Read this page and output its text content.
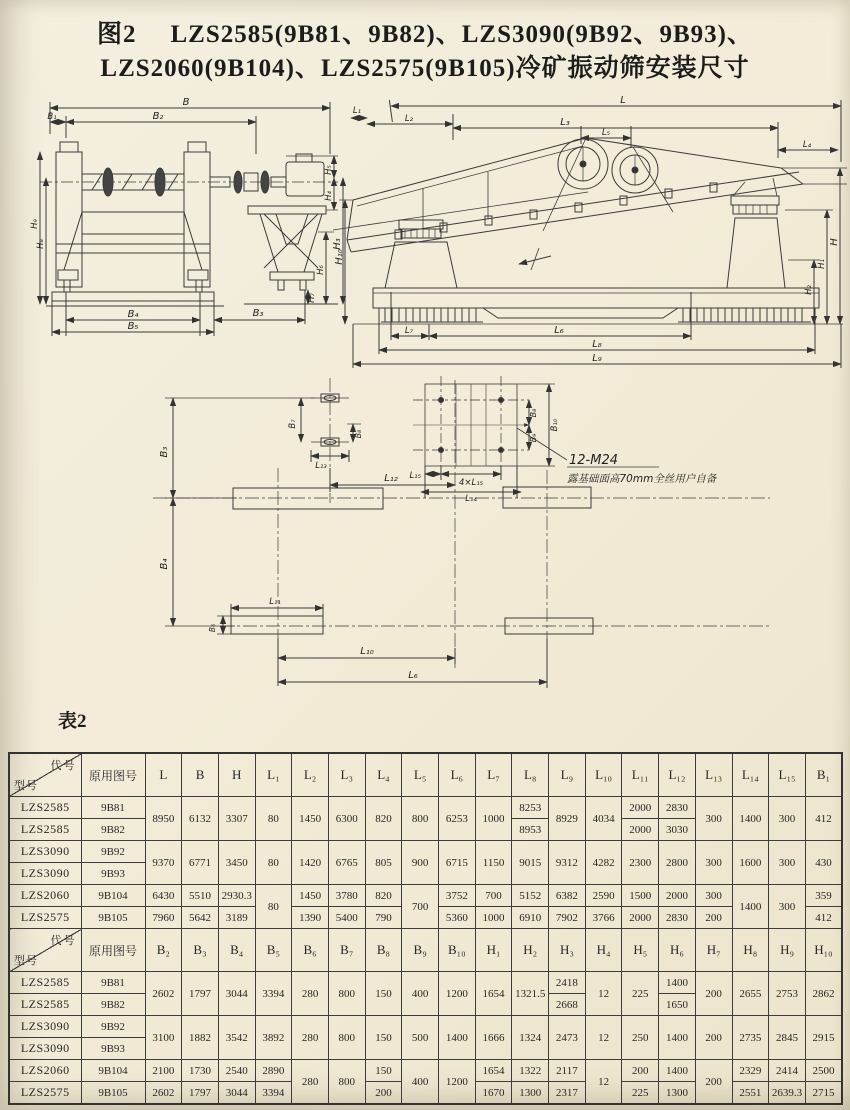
图2 LZS2585(9B81、9B82)、LZS3090(9B92、9B93)、
LZS2060(9B104)、LZS2575(9B105)冷矿振动筛安装尺寸
B
B₁	B₂
H₅
H₄
H₃
H₆
H₇
H₈
H₉
B₄	B₃
B₅
L
L₁
L₂	L₃
L₅
L₄
H₁₀
H
H₁
H₂
L₇	L₆
L₈
L₉
B₇
B₈
L₁₃
B₈
B₉
B₁₀
L₁₅
4×L₁₅
L₁₄
12-M24
露基础面高70mm全丝用户自备
B₃
B₄
L₁₂
L₁₁
B₆
L₁₀
L₆
表2
代号
型号	原用图号	L	B	H	L₁	L₂	L₃	L₄	L₅	L₆	L₇	L₈	L₉	L₁₀	L₁₁	L₁₂	L₁₃	L₁₄	L₁₅	B₁
LZS2585	9B81	8950	6132	3307	80	1450	6300	820	800	6253	1000	8253	8929	4034	2000	2830	300	1400	300	412
LZS2585	9B82											8953			2000	3030				
LZS3090	9B92	9370	6771	3450	80	1420	6765	805	900	6715	1150	9015	9312	4282	2300	2800	300	1600	300	430
LZS3090	9B93																			
LZS2060	9B104	6430	5510	2930.3	80	1450	3780	820	700	3752	700	5152	6382	2590	1500	2000	300	1400	300	359
LZS2575	9B105	7960	5642	3189		1390	5400	790		5360	1000	6910	7902	3766	2000	2830	200			412

代号
型号	原用图号	B₂	B₃	B₄	B₅	B₆	B₇	B₈	B₉	B₁₀	H₁	H₂	H₃	H₄	H₅	H₆	H₇	H₈	H₉	H₁₀
LZS2585	9B81	2602	1797	3044	3394	280	800	150	400	1200	1654	1321.5	2418	12	225	1400	200	2655	2753	2862
LZS2585	9B82												2668			1650				
LZS3090	9B92	3100	1882	3542	3892	280	800	150	500	1400	1666	1324	2473	12	250	1400	200	2735	2845	2915
LZS3090	9B93																			
LZS2060	9B104	2100	1730	2540	2890	280	800	150	400	1200	1654	1322	2117	12	200	1400	200	2329	2414	2500
LZS2575	9B105	2602	1797	3044	3394			200			1670	1300	2317		225	1300		2551	2639.3	2715
